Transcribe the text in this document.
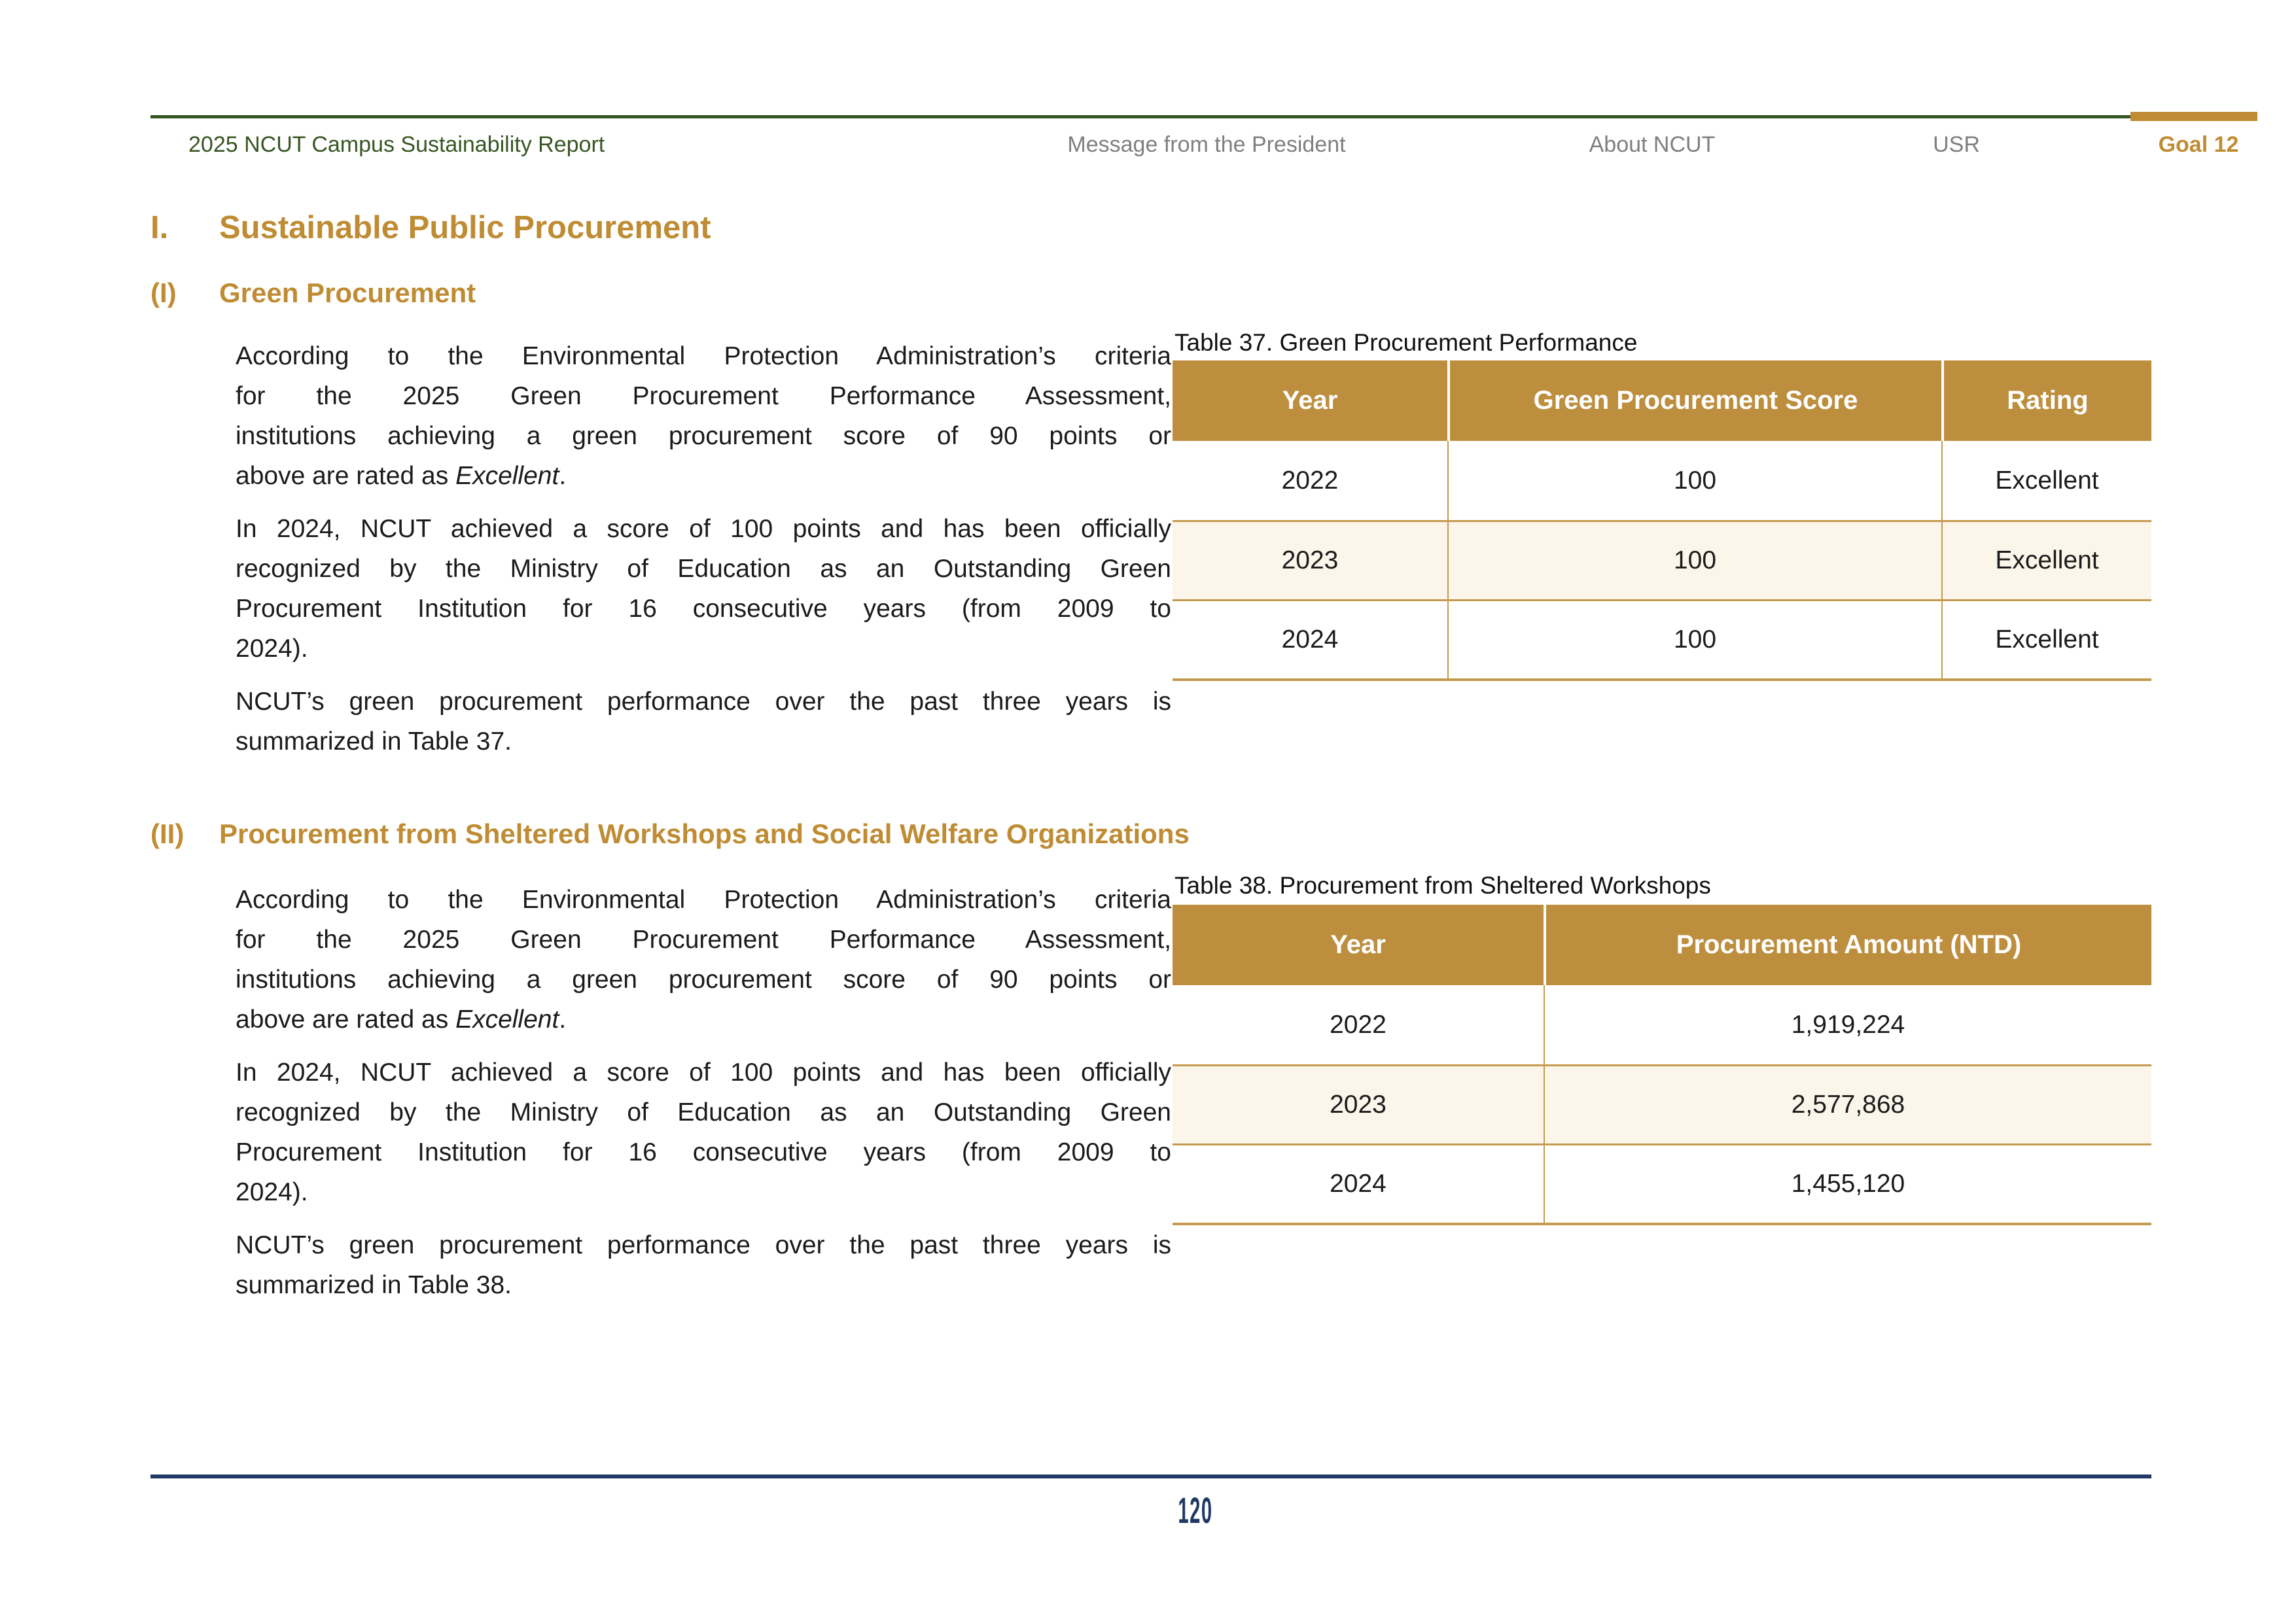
2025 NCUT Campus Sustainability Report	Message from the President	About NCUT	USR	Goal 12
I. Sustainable Public Procurement
(I) Green Procurement
According to the Environmental Protection Administration’s criteria
for the 2025 Green Procurement Performance Assessment,
institutions achieving a green procurement score of 90 points or
above are rated as Excellent.
In 2024, NCUT achieved a score of 100 points and has been officially
recognized by the Ministry of Education as an Outstanding Green
Procurement Institution for 16 consecutive years (from 2009 to
2024).
NCUT’s green procurement performance over the past three years is
summarized in Table 37.
Table 37. Green Procurement Performance
Year	Green Procurement Score	Rating
2022	100	Excellent
2023	100	Excellent
2024	100	Excellent
(II) Procurement from Sheltered Workshops and Social Welfare Organizations
According to the Environmental Protection Administration’s criteria
for the 2025 Green Procurement Performance Assessment,
institutions achieving a green procurement score of 90 points or
above are rated as Excellent.
In 2024, NCUT achieved a score of 100 points and has been officially
recognized by the Ministry of Education as an Outstanding Green
Procurement Institution for 16 consecutive years (from 2009 to
2024).
NCUT’s green procurement performance over the past three years is
summarized in Table 38.
Table 38. Procurement from Sheltered Workshops
Year	Procurement Amount (NTD)
2022	1,919,224
2023	2,577,868
2024	1,455,120
120
